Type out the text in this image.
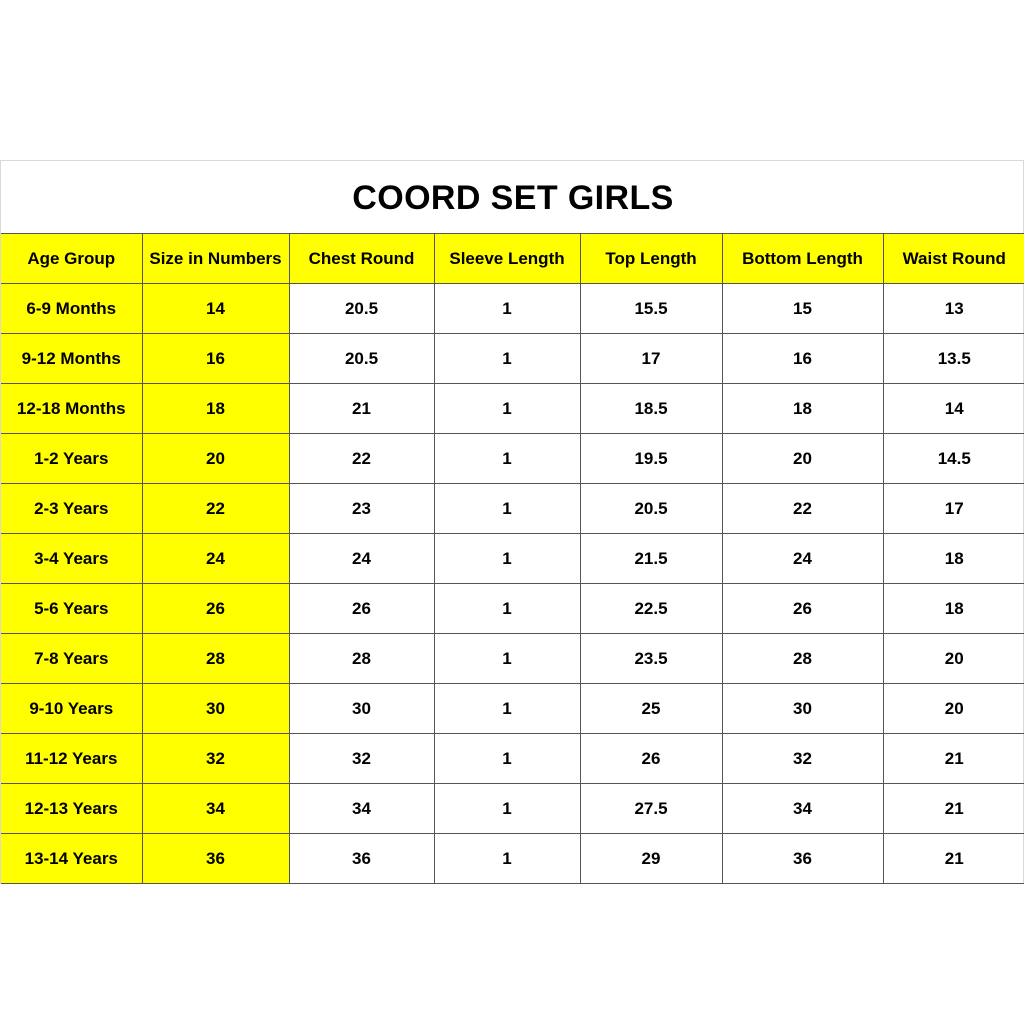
COORD SET GIRLS
Age Group	Size in Numbers	Chest Round	Sleeve Length	Top Length	Bottom Length	Waist Round
6-9 Months	14	20.5	1	15.5	15	13
9-12 Months	16	20.5	1	17	16	13.5
12-18 Months	18	21	1	18.5	18	14
1-2 Years	20	22	1	19.5	20	14.5
2-3 Years	22	23	1	20.5	22	17
3-4 Years	24	24	1	21.5	24	18
5-6 Years	26	26	1	22.5	26	18
7-8 Years	28	28	1	23.5	28	20
9-10 Years	30	30	1	25	30	20
11-12 Years	32	32	1	26	32	21
12-13 Years	34	34	1	27.5	34	21
13-14 Years	36	36	1	29	36	21
